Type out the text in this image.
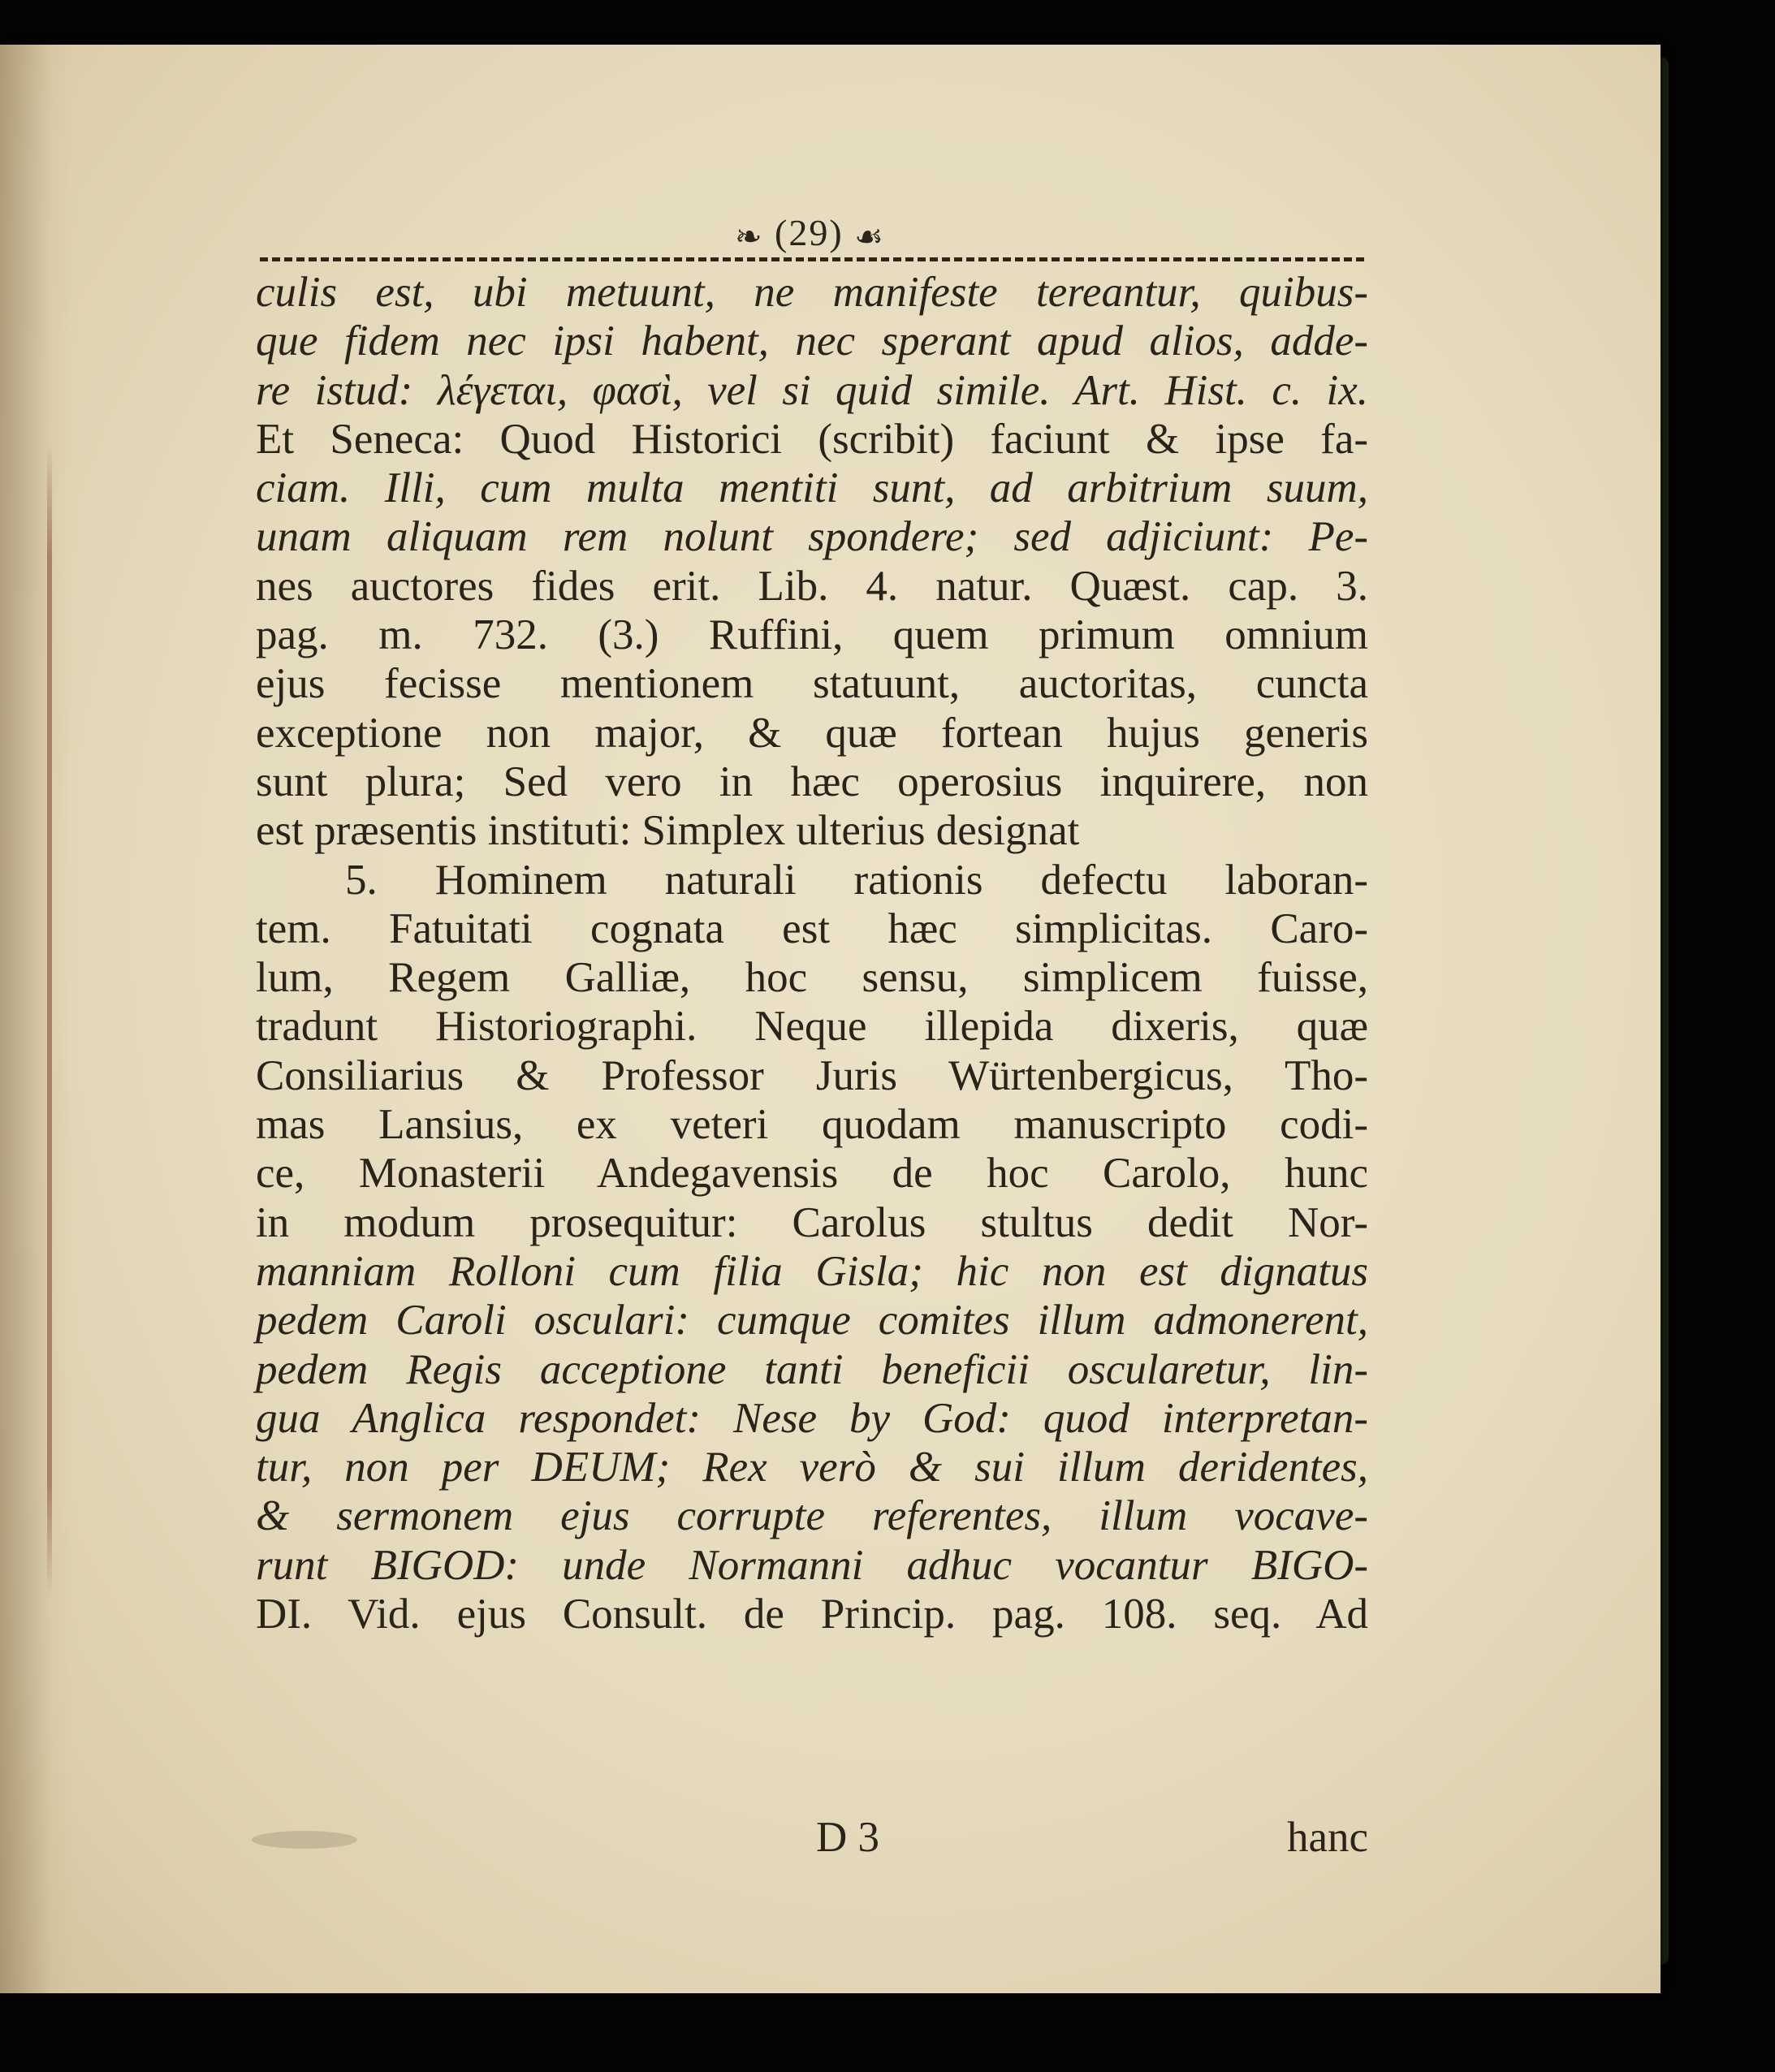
❧ (29) ☙
culis est, ubi metuunt, ne manifeste tereantur, quibus-
que fidem nec ipsi habent, nec sperant apud alios, adde-
re istud: λέγεται, φασὶ, vel si quid simile. Art. Hist. c. ix.
Et Seneca: Quod Historici (scribit) faciunt & ipse fa-
ciam. Illi, cum multa mentiti sunt, ad arbitrium suum,
unam aliquam rem nolunt spondere; sed adjiciunt: Pe-
nes auctores fides erit. Lib. 4. natur. Quæst. cap. 3.
pag. m. 732. (3.) Ruffini, quem primum omnium
ejus fecisse mentionem statuunt, auctoritas, cuncta
exceptione non major, & quæ fortean hujus generis
sunt plura; Sed vero in hæc operosius inquirere, non
est præsentis instituti: Simplex ulterius designat
5. Hominem naturali rationis defectu laboran-
tem. Fatuitati cognata est hæc simplicitas. Caro-
lum, Regem Galliæ, hoc sensu, simplicem fuisse,
tradunt Historiographi. Neque illepida dixeris, quæ
Consiliarius & Professor Juris Würtenbergicus, Tho-
mas Lansius, ex veteri quodam manuscripto codi-
ce, Monasterii Andegavensis de hoc Carolo, hunc
in modum prosequitur: Carolus stultus dedit Nor-
manniam Rolloni cum filia Gisla; hic non est dignatus
pedem Caroli osculari: cumque comites illum admonerent,
pedem Regis acceptione tanti beneficii oscularetur, lin-
gua Anglica respondet: Nese by God: quod interpretan-
tur, non per DEUM; Rex verò & sui illum deridentes,
& sermonem ejus corrupte referentes, illum vocave-
runt BIGOD: unde Normanni adhuc vocantur BIGO-
DI. Vid. ejus Consult. de Princip. pag. 108. seq. Ad
D 3	hanc
